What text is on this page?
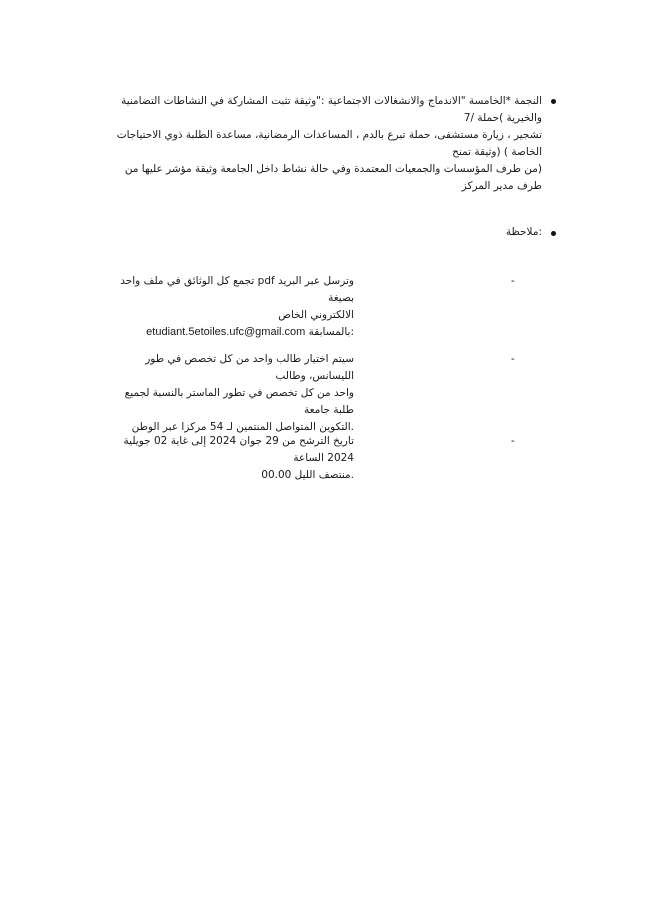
النجمة *الخامسة "الاندماج والانشغالات الاجتماعية :"وثيقة تثبت المشاركة في النشاطات التضامنية والخيرية )حملة /7

تشجير ، زيارة مستشفى، حملة تبرع بالدم ، المساعدات الرمضانية، مساعدة الطلبة ذوي الاحتياجات الخاصة ) (وثيقة تمنح

(من طرف المؤسسات والجمعيات المعتمدة وفي حالة نشاط داخل الجامعة وثيقة مؤشر عليها من طرف مدير المركز

:ملاحظة

-

وترسل عبر البريد pdf تجمع كل الوثائق في ملف واحد بصيغة

الالكتروني الخاص

:بالمسابقة etudiant.5etoiles.ufc@gmail.com

-

سيتم اختيار طالب واحد من كل تخصص في طور الليسانس، وطالب

واحد من كل تخصص في تطور الماستر بالنسبة لجميع طلبة جامعة

.التكوين المتواصل المنتمين لـ 54 مركزا عبر الوطن

-

تاريخ الترشح من 29 جوان 2024 إلى غاية 02 جويلية 2024 الساعة

.منتصف الليل 00.00
